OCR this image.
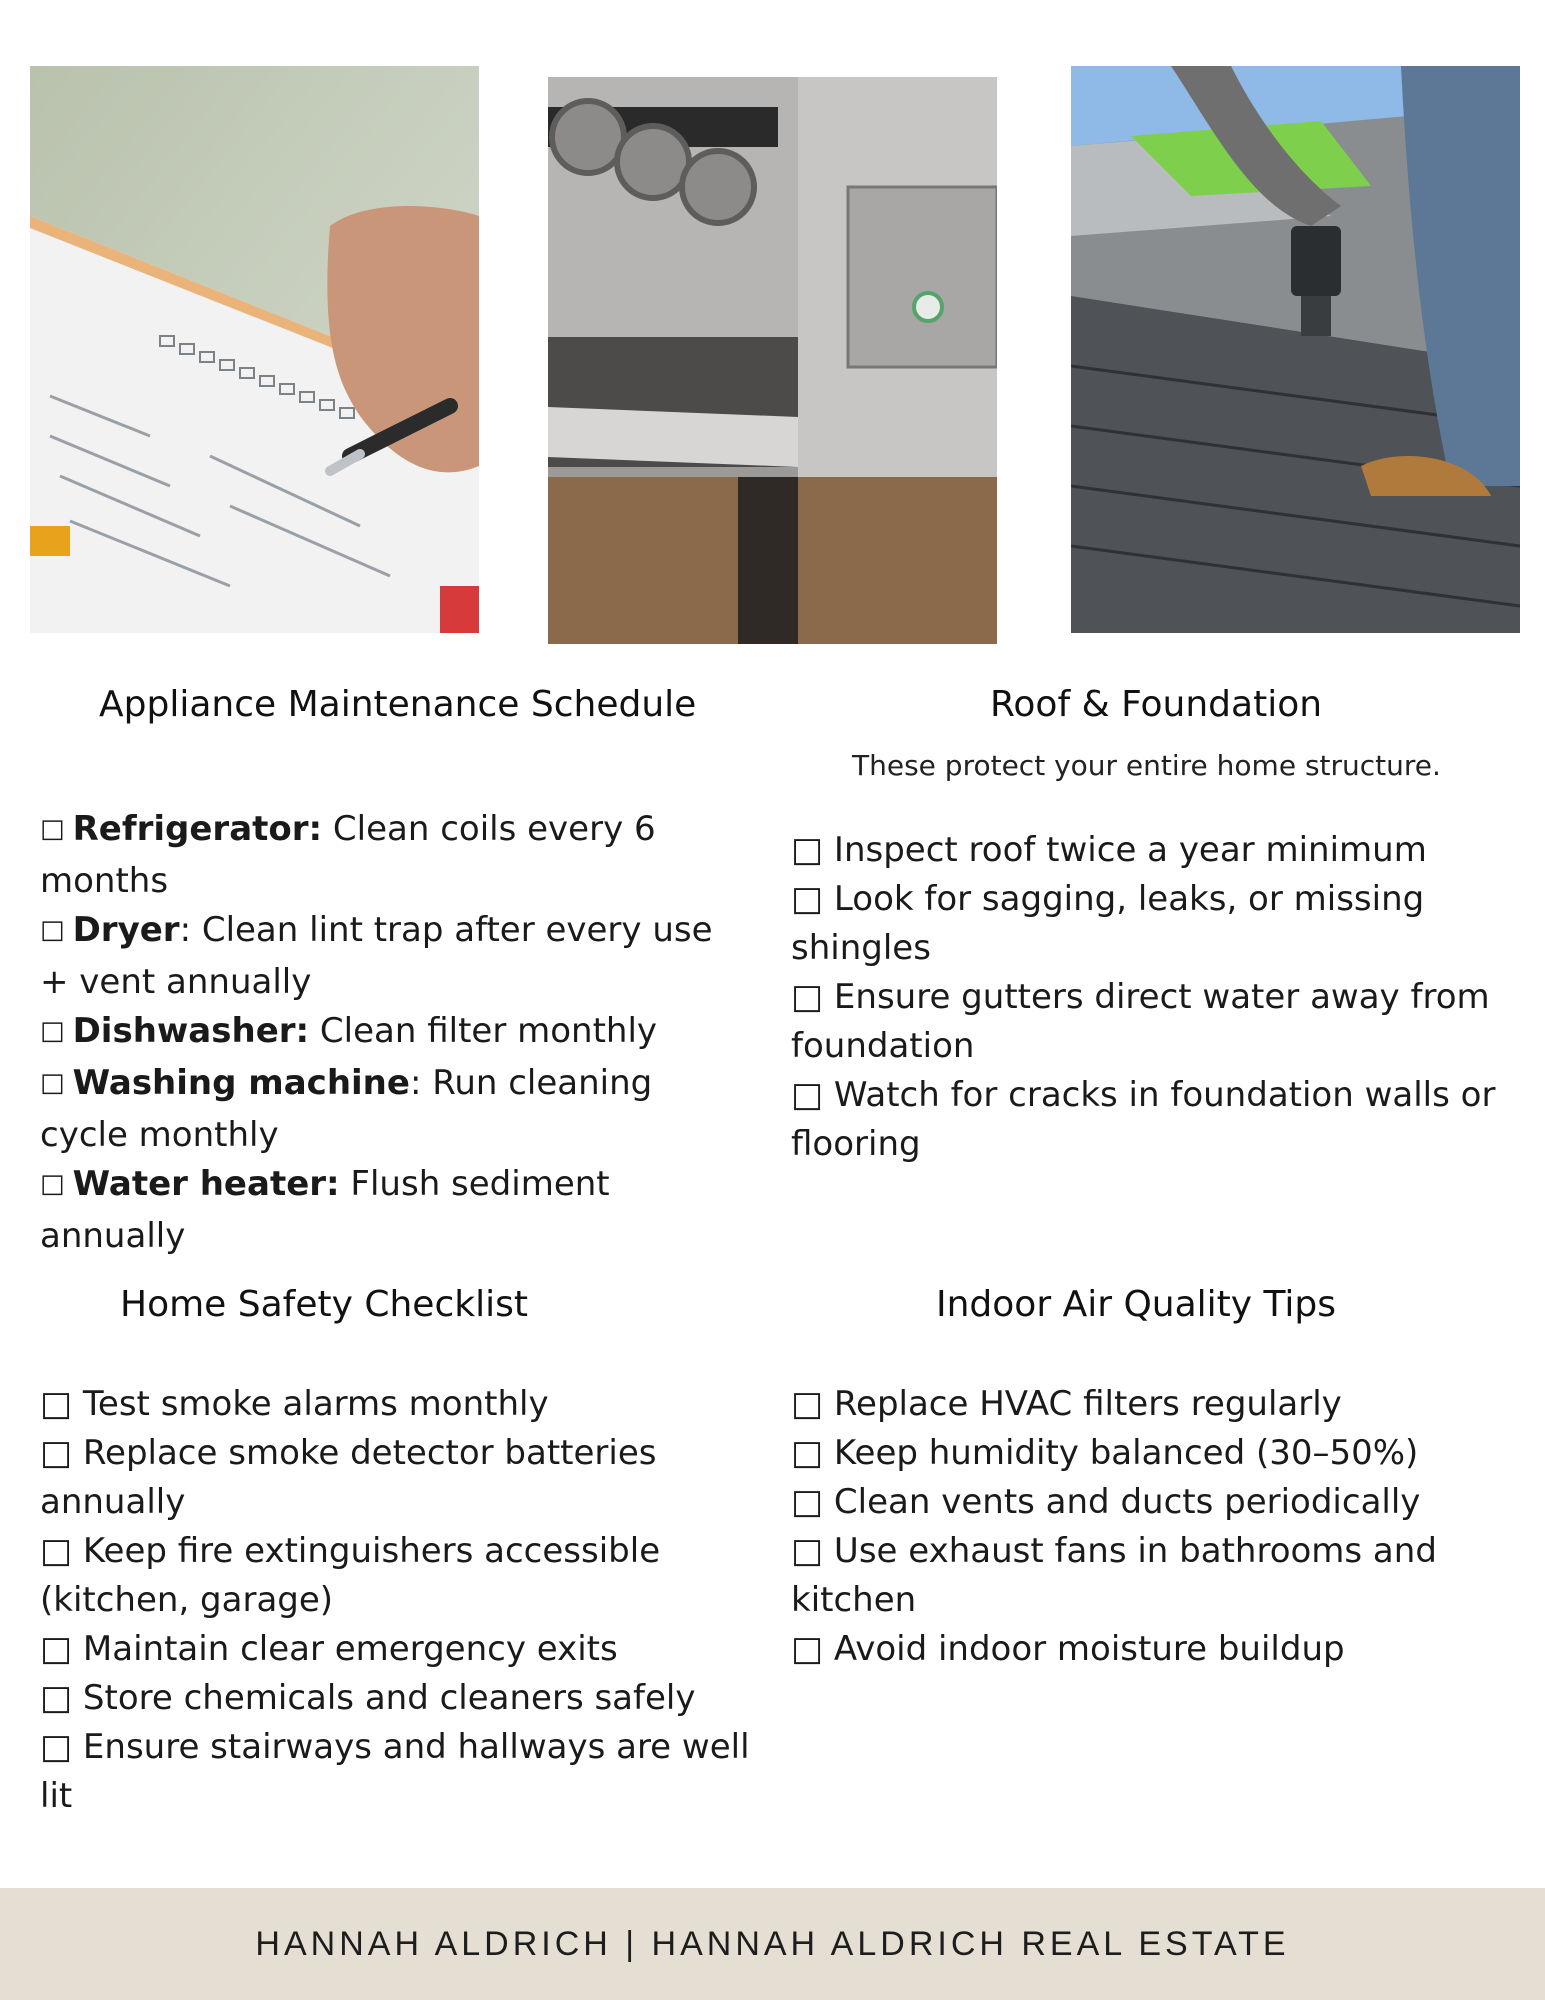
Appliance Maintenance Schedule
□ Refrigerator: Clean coils every 6 months
□ Dryer: Clean lint trap after every use + vent annually
□ Dishwasher: Clean filter monthly
□ Washing machine: Run cleaning cycle monthly
□ Water heater: Flush sediment annually
Roof & Foundation
These protect your entire home structure.
□ Inspect roof twice a year minimum
□ Look for sagging, leaks, or missing shingles
□ Ensure gutters direct water away from foundation
□ Watch for cracks in foundation walls or flooring
Home Safety Checklist
□ Test smoke alarms monthly
□ Replace smoke detector batteries annually
□ Keep fire extinguishers accessible (kitchen, garage)
□ Maintain clear emergency exits
□ Store chemicals and cleaners safely
□ Ensure stairways and hallways are well lit
Indoor Air Quality Tips
□ Replace HVAC filters regularly
□ Keep humidity balanced (30–50%)
□ Clean vents and ducts periodically
□ Use exhaust fans in bathrooms and kitchen
□ Avoid indoor moisture buildup
HANNAH ALDRICH | HANNAH ALDRICH REAL ESTATE
